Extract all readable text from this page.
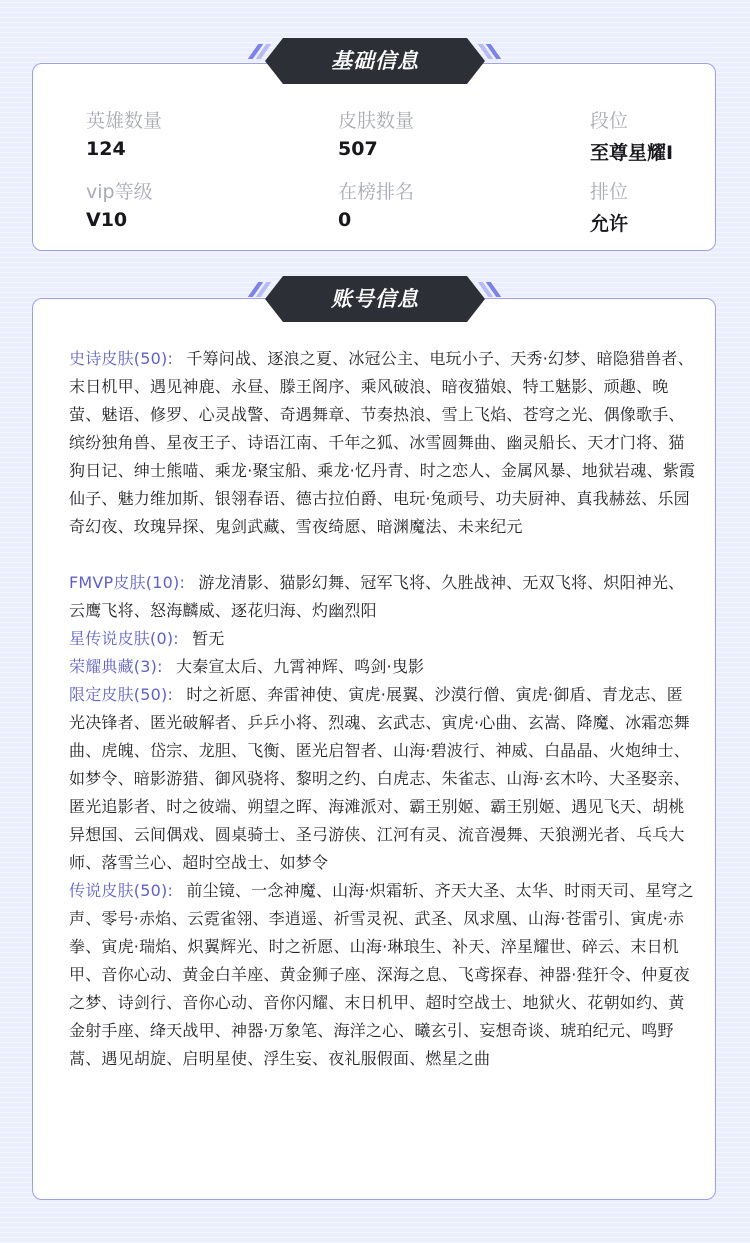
基础信息
英雄数量
124
皮肤数量
507
段位
至尊星耀I
vip等级
V10
在榜排名
0
排位
允许
账号信息
史诗皮肤(50): 千筹问战、逐浪之夏、冰冠公主、电玩小子、天秀·幻梦、暗隐猎兽者、末日机甲、遇见神鹿、永昼、滕王阁序、乘风破浪、暗夜猫娘、特工魅影、顽趣、晚萤、魅语、修罗、心灵战警、奇遇舞章、节奏热浪、雪上飞焰、苍穹之光、偶像歌手、缤纷独角兽、星夜王子、诗语江南、千年之狐、冰雪圆舞曲、幽灵船长、天才门将、猫狗日记、绅士熊喵、乘龙·聚宝船、乘龙·忆丹青、时之恋人、金属风暴、地狱岩魂、紫霞仙子、魅力维加斯、银翎春语、德古拉伯爵、电玩·兔顽号、功夫厨神、真我赫兹、乐园奇幻夜、玫瑰异探、鬼剑武藏、雪夜绮愿、暗渊魔法、未来纪元
FMVP皮肤(10): 游龙清影、猫影幻舞、冠军飞将、久胜战神、无双飞将、炽阳神光、云鹰飞将、怒海麟威、逐花归海、灼幽烈阳
星传说皮肤(0): 暂无
荣耀典藏(3): 大秦宣太后、九霄神辉、鸣剑·曳影
限定皮肤(50): 时之祈愿、奔雷神使、寅虎·展翼、沙漠行僧、寅虎·御盾、青龙志、匿光决锋者、匿光破解者、乒乒小将、烈魂、玄武志、寅虎·心曲、玄嵩、降魔、冰霜恋舞曲、虎魄、岱宗、龙胆、飞衡、匿光启智者、山海·碧波行、神威、白晶晶、火炮绅士、如梦令、暗影游猎、御风骁将、黎明之约、白虎志、朱雀志、山海·玄木吟、大圣娶亲、匿光追影者、时之彼端、朔望之晖、海滩派对、霸王别姬、霸王别姬、遇见飞天、胡桃异想国、云间偶戏、圆桌骑士、圣弓游侠、江河有灵、流音漫舞、天狼溯光者、乓乓大师、落雪兰心、超时空战士、如梦令
传说皮肤(50): 前尘镜、一念神魔、山海·炽霜斩、齐天大圣、太华、时雨天司、星穹之声、零号·赤焰、云霓雀翎、李逍遥、祈雪灵祝、武圣、凤求凰、山海·苍雷引、寅虎·赤拳、寅虎·瑞焰、炽翼辉光、时之祈愿、山海·琳琅生、补天、淬星耀世、碎云、末日机甲、音你心动、黄金白羊座、黄金狮子座、深海之息、飞鸢探春、神器·狴犴令、仲夏夜之梦、诗剑行、音你心动、音你闪耀、末日机甲、超时空战士、地狱火、花朝如约、黄金射手座、绛天战甲、神器·万象笔、海洋之心、曦玄引、妄想奇谈、琥珀纪元、鸣野蒿、遇见胡旋、启明星使、浮生妄、夜礼服假面、燃星之曲
